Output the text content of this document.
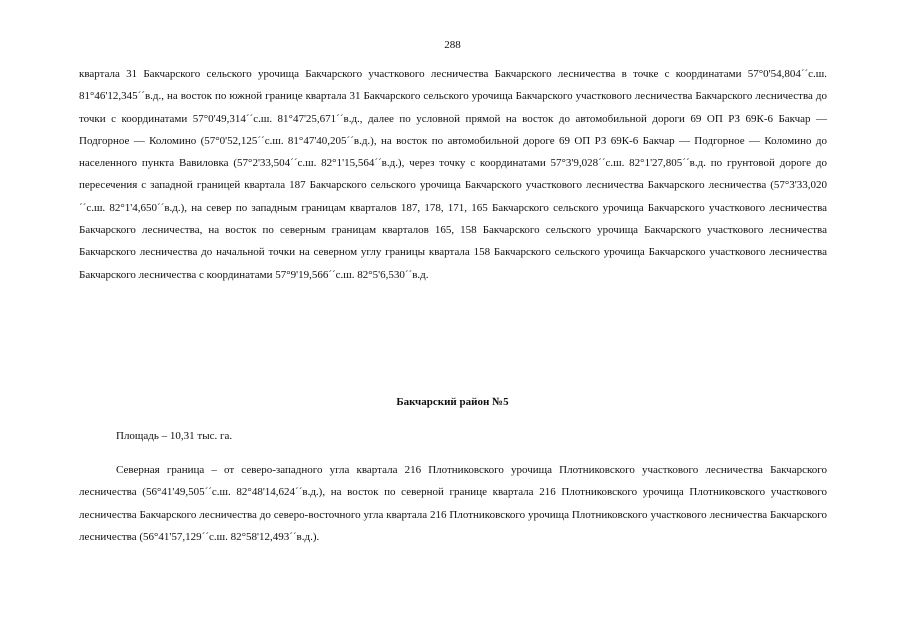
288

квартала 31 Бакчарского сельского урочища Бакчарского участкового лесничества Бакчарского лесничества в точке с координатами 57°0'54,804´´с.ш. 81°46'12,345´´в.д., на восток по южной границе квартала 31 Бакчарского сельского урочища Бакчарского участкового лесничества Бакчарского лесничества до точки с координатами 57°0'49,314´´с.ш. 81°47'25,671´´в.д., далее по условной прямой на восток до автомобильной дороги 69 ОП РЗ 69К-6 Бакчар — Подгорное — Коломино (57°0'52,125´´с.ш. 81°47'40,205´´в.д.), на восток по автомобильной дороге 69 ОП РЗ 69К-6 Бакчар — Подгорное — Коломино до населенного пункта Вавиловка (57°2'33,504´´с.ш. 82°1'15,564´´в.д.), через точку с координатами 57°3'9,028´´с.ш. 82°1'27,805´´в.д. по грунтовой дороге до пересечения с западной границей квартала 187 Бакчарского сельского урочища Бакчарского участкового лесничества Бакчарского лесничества (57°3'33,020´´с.ш. 82°1'4,650´´в.д.), на север по западным границам кварталов 187, 178, 171, 165 Бакчарского сельского урочища Бакчарского участкового лесничества Бакчарского лесничества, на восток по северным границам кварталов 165, 158 Бакчарского сельского урочища Бакчарского участкового лесничества Бакчарского лесничества до начальной точки на северном углу границы квартала 158 Бакчарского сельского урочища Бакчарского участкового лесничества Бакчарского лесничества с координатами 57°9'19,566´´с.ш. 82°5'6,530´´в.д.

Бакчарский район №5
Площадь – 10,31 тыс. га.

Северная граница – от северо-западного угла квартала 216 Плотниковского урочища Плотниковского участкового лесничества Бакчарского лесничества (56°41'49,505´´с.ш. 82°48'14,624´´в.д.), на восток по северной границе квартала 216 Плотниковского урочища Плотниковского участкового лесничества Бакчарского лесничества до северо-восточного угла квартала 216 Плотниковского урочища Плотниковского участкового лесничества Бакчарского лесничества (56°41'57,129´´с.ш. 82°58'12,493´´в.д.).
